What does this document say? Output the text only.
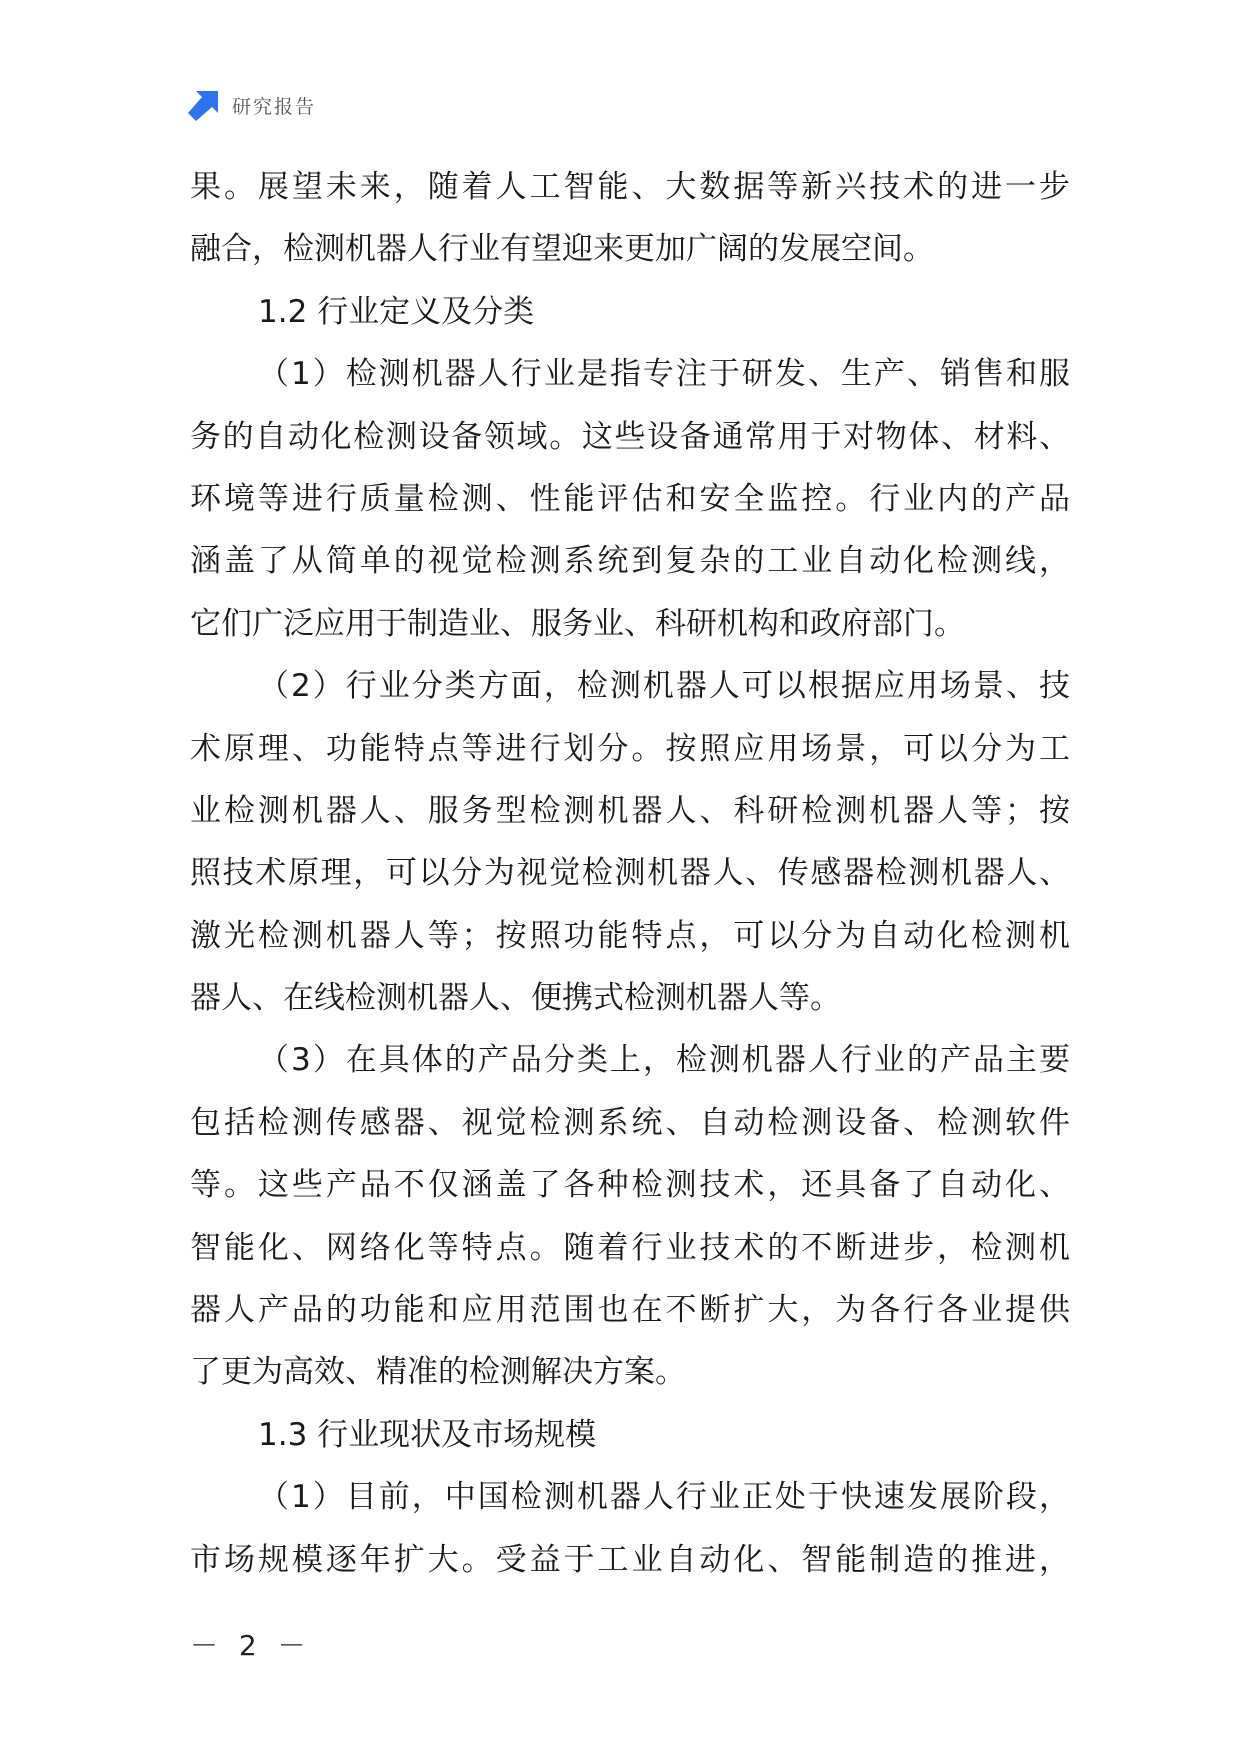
研究报告
果。展望未来，随着人工智能、大数据等新兴技术的进一步
融合，检测机器人行业有望迎来更加广阔的发展空间。
1.2 行业定义及分类
（1）检测机器人行业是指专注于研发、生产、销售和服
务的自动化检测设备领域。这些设备通常用于对物体、材料、
环境等进行质量检测、性能评估和安全监控。行业内的产品
涵盖了从简单的视觉检测系统到复杂的工业自动化检测线，
它们广泛应用于制造业、服务业、科研机构和政府部门。
（2）行业分类方面，检测机器人可以根据应用场景、技
术原理、功能特点等进行划分。按照应用场景，可以分为工
业检测机器人、服务型检测机器人、科研检测机器人等；按
照技术原理，可以分为视觉检测机器人、传感器检测机器人、
激光检测机器人等；按照功能特点，可以分为自动化检测机
器人、在线检测机器人、便携式检测机器人等。
（3）在具体的产品分类上，检测机器人行业的产品主要
包括检测传感器、视觉检测系统、自动检测设备、检测软件
等。这些产品不仅涵盖了各种检测技术，还具备了自动化、
智能化、网络化等特点。随着行业技术的不断进步，检测机
器人产品的功能和应用范围也在不断扩大，为各行各业提供
了更为高效、精准的检测解决方案。
1.3 行业现状及市场规模
（1）目前，中国检测机器人行业正处于快速发展阶段，
市场规模逐年扩大。受益于工业自动化、智能制造的推进，
－ 2 －
